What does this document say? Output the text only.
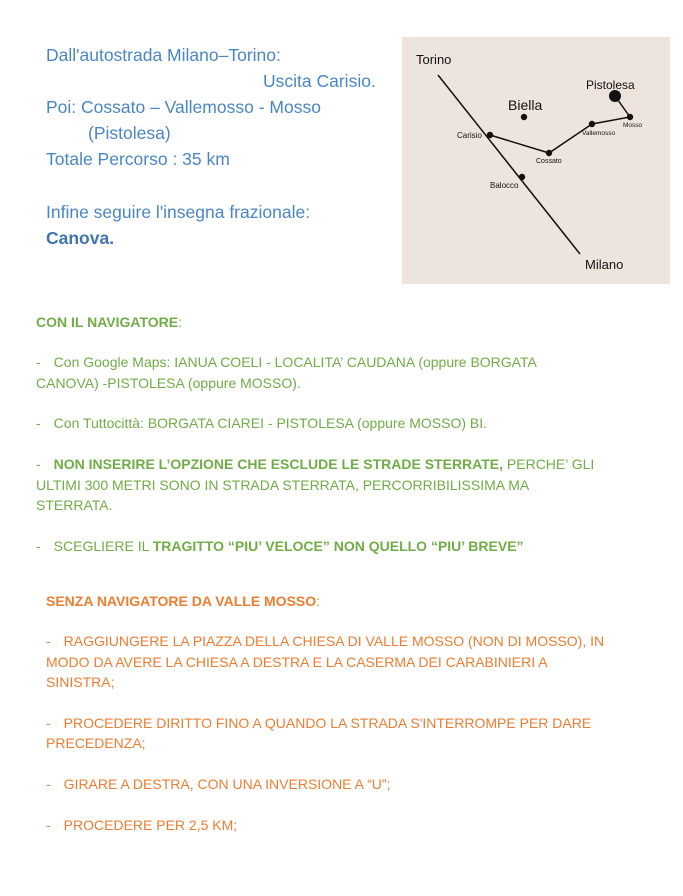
Dall'autostrada Milano–Torino:

Uscita Carisio.

Poi: Cossato – Vallemosso - Mosso

(Pistolesa)

Totale Percorso : 35 km

Infine seguire l'insegna frazionale:

Canova.

Torino
Pistolesa
Biella
Carisio	Vallemosso
Mosso
Cossato
Balocco
Milano

CON IL NAVIGATORE:

- Con Google Maps: IANUA COELI - LOCALITA’ CAUDANA (oppure BORGATA

CANOVA) -PISTOLESA (oppure MOSSO).

- Con Tuttocittà: BORGATA CIAREI - PISTOLESA (oppure MOSSO) BI.

- NON INSERIRE L’OPZIONE CHE ESCLUDE LE STRADE STERRATE, PERCHE’ GLI

ULTIMI 300 METRI SONO IN STRADA STERRATA, PERCORRIBILISSIMA MA

STERRATA.

- SCEGLIERE IL TRAGITTO “PIU’ VELOCE” NON QUELLO “PIU’ BREVE”

SENZA NAVIGATORE DA VALLE MOSSO:

- RAGGIUNGERE LA PIAZZA DELLA CHIESA DI VALLE MOSSO (NON DI MOSSO), IN

MODO DA AVERE LA CHIESA A DESTRA E LA CASERMA DEI CARABINIERI A

SINISTRA;

- PROCEDERE DIRITTO FINO A QUANDO LA STRADA S'INTERROMPE PER DARE

PRECEDENZA;

- GIRARE A DESTRA, CON UNA INVERSIONE A “U”;

- PROCEDERE PER 2,5 KM;
